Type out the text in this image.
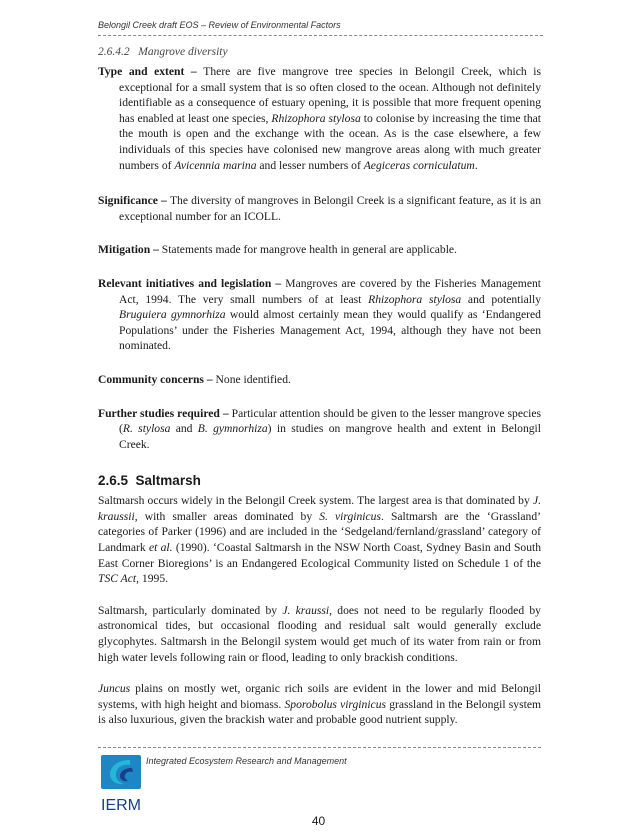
Belongil Creek draft EOS – Review of Environmental Factors

2.6.4.2 Mangrove diversity

Type and extent – There are five mangrove tree species in Belongil Creek, which is exceptional for a small system that is so often closed to the ocean. Although not definitely identifiable as a consequence of estuary opening, it is possible that more frequent opening has enabled at least one species, Rhizophora stylosa to colonise by increasing the time that the mouth is open and the exchange with the ocean. As is the case elsewhere, a few individuals of this species have colonised new mangrove areas along with much greater numbers of Avicennia marina and lesser numbers of Aegiceras corniculatum.

Significance – The diversity of mangroves in Belongil Creek is a significant feature, as it is an exceptional number for an ICOLL.

Mitigation – Statements made for mangrove health in general are applicable.

Relevant initiatives and legislation – Mangroves are covered by the Fisheries Management Act, 1994. The very small numbers of at least Rhizophora stylosa and potentially Bruguiera gymnorhiza would almost certainly mean they would qualify as ‘Endangered Populations’ under the Fisheries Management Act, 1994, although they have not been nominated.

Community concerns – None identified.

Further studies required – Particular attention should be given to the lesser mangrove species (R. stylosa and B. gymnorhiza) in studies on mangrove health and extent in Belongil Creek.

2.6.5 Saltmarsh

Saltmarsh occurs widely in the Belongil Creek system. The largest area is that dominated by J. kraussii, with smaller areas dominated by S. virginicus. Saltmarsh are the ‘Grassland’ categories of Parker (1996) and are included in the ‘Sedgeland/fernland/grassland’ category of Landmark et al. (1990). ‘Coastal Saltmarsh in the NSW North Coast, Sydney Basin and South East Corner Bioregions’ is an Endangered Ecological Community listed on Schedule 1 of the TSC Act, 1995.

Saltmarsh, particularly dominated by J. kraussi, does not need to be regularly flooded by astronomical tides, but occasional flooding and residual salt would generally exclude glycophytes. Saltmarsh in the Belongil system would get much of its water from rain or from high water levels following rain or flood, leading to only brackish conditions.

Juncus plains on mostly wet, organic rich soils are evident in the lower and mid Belongil systems, with high height and biomass. Sporobolus virginicus grassland in the Belongil system is also luxurious, given the brackish water and probable good nutrient supply.

IERM
Integrated Ecosystem Research and Management
40
